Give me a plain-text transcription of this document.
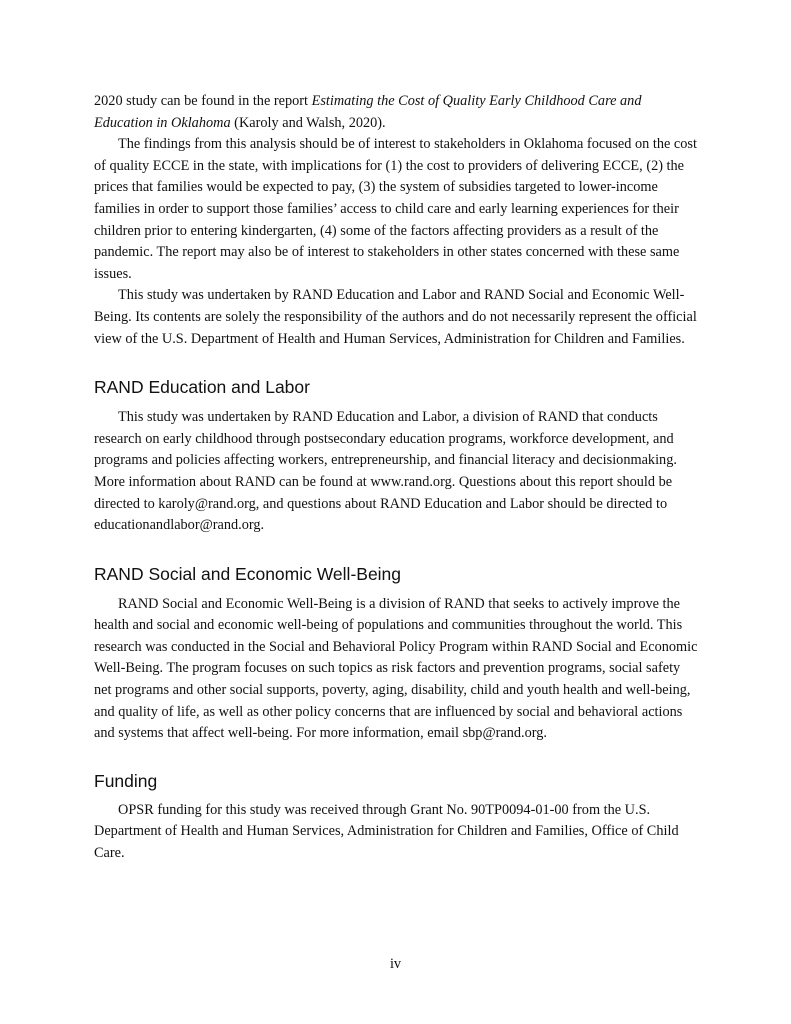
2020 study can be found in the report Estimating the Cost of Quality Early Childhood Care and Education in Oklahoma (Karoly and Walsh, 2020).

The findings from this analysis should be of interest to stakeholders in Oklahoma focused on the cost of quality ECCE in the state, with implications for (1) the cost to providers of delivering ECCE, (2) the prices that families would be expected to pay, (3) the system of subsidies targeted to lower-income families in order to support those families’ access to child care and early learning experiences for their children prior to entering kindergarten, (4) some of the factors affecting providers as a result of the pandemic. The report may also be of interest to stakeholders in other states concerned with these same issues.

This study was undertaken by RAND Education and Labor and RAND Social and Economic Well-Being. Its contents are solely the responsibility of the authors and do not necessarily represent the official view of the U.S. Department of Health and Human Services, Administration for Children and Families.

RAND Education and Labor

This study was undertaken by RAND Education and Labor, a division of RAND that conducts research on early childhood through postsecondary education programs, workforce development, and programs and policies affecting workers, entrepreneurship, and financial literacy and decisionmaking. More information about RAND can be found at www.rand.org. Questions about this report should be directed to karoly@rand.org, and questions about RAND Education and Labor should be directed to educationandlabor@rand.org.

RAND Social and Economic Well-Being

RAND Social and Economic Well-Being is a division of RAND that seeks to actively improve the health and social and economic well-being of populations and communities throughout the world. This research was conducted in the Social and Behavioral Policy Program within RAND Social and Economic Well-Being. The program focuses on such topics as risk factors and prevention programs, social safety net programs and other social supports, poverty, aging, disability, child and youth health and well-being, and quality of life, as well as other policy concerns that are influenced by social and behavioral actions and systems that affect well-being. For more information, email sbp@rand.org.

Funding

OPSR funding for this study was received through Grant No. 90TP0094-01-00 from the U.S. Department of Health and Human Services, Administration for Children and Families, Office of Child Care.

iv
